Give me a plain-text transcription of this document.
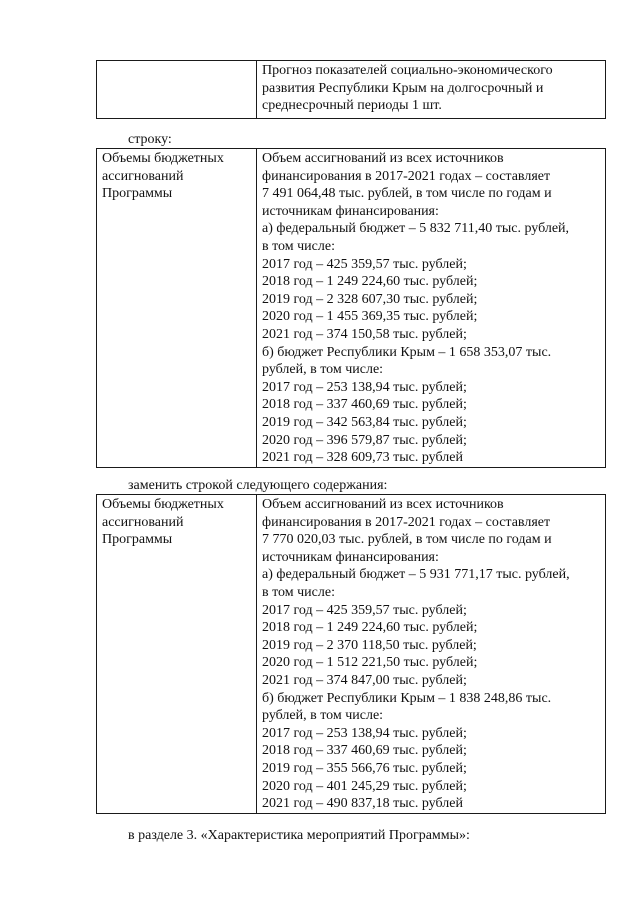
Прогноз показателей социально-экономического
развития Республики Крым на долгосрочный и
среднесрочный периоды 1 шт.
строку:
Объемы бюджетных
ассигнований
Программы

Объем ассигнований из всех источников
финансирования в 2017-2021 годах – составляет
7 491 064,48 тыс. рублей, в том числе по годам и
источникам финансирования:
а) федеральный бюджет – 5 832 711,40 тыс. рублей,
в том числе:
2017 год – 425 359,57 тыс. рублей;
2018 год – 1 249 224,60 тыс. рублей;
2019 год – 2 328 607,30 тыс. рублей;
2020 год – 1 455 369,35 тыс. рублей;
2021 год – 374 150,58 тыс. рублей;
б) бюджет Республики Крым – 1 658 353,07 тыс.
рублей, в том числе:
2017 год – 253 138,94 тыс. рублей;
2018 год – 337 460,69 тыс. рублей;
2019 год – 342 563,84 тыс. рублей;
2020 год – 396 579,87 тыс. рублей;
2021 год – 328 609,73 тыс. рублей
заменить строкой следующего содержания:
Объемы бюджетных
ассигнований
Программы

Объем ассигнований из всех источников
финансирования в 2017-2021 годах – составляет
7 770 020,03 тыс. рублей, в том числе по годам и
источникам финансирования:
а) федеральный бюджет – 5 931 771,17 тыс. рублей,
в том числе:
2017 год – 425 359,57 тыс. рублей;
2018 год – 1 249 224,60 тыс. рублей;
2019 год – 2 370 118,50 тыс. рублей;
2020 год – 1 512 221,50 тыс. рублей;
2021 год – 374 847,00 тыс. рублей;
б) бюджет Республики Крым – 1 838 248,86 тыс.
рублей, в том числе:
2017 год – 253 138,94 тыс. рублей;
2018 год – 337 460,69 тыс. рублей;
2019 год – 355 566,76 тыс. рублей;
2020 год – 401 245,29 тыс. рублей;
2021 год – 490 837,18 тыс. рублей
в разделе 3. «Характеристика мероприятий Программы»:
